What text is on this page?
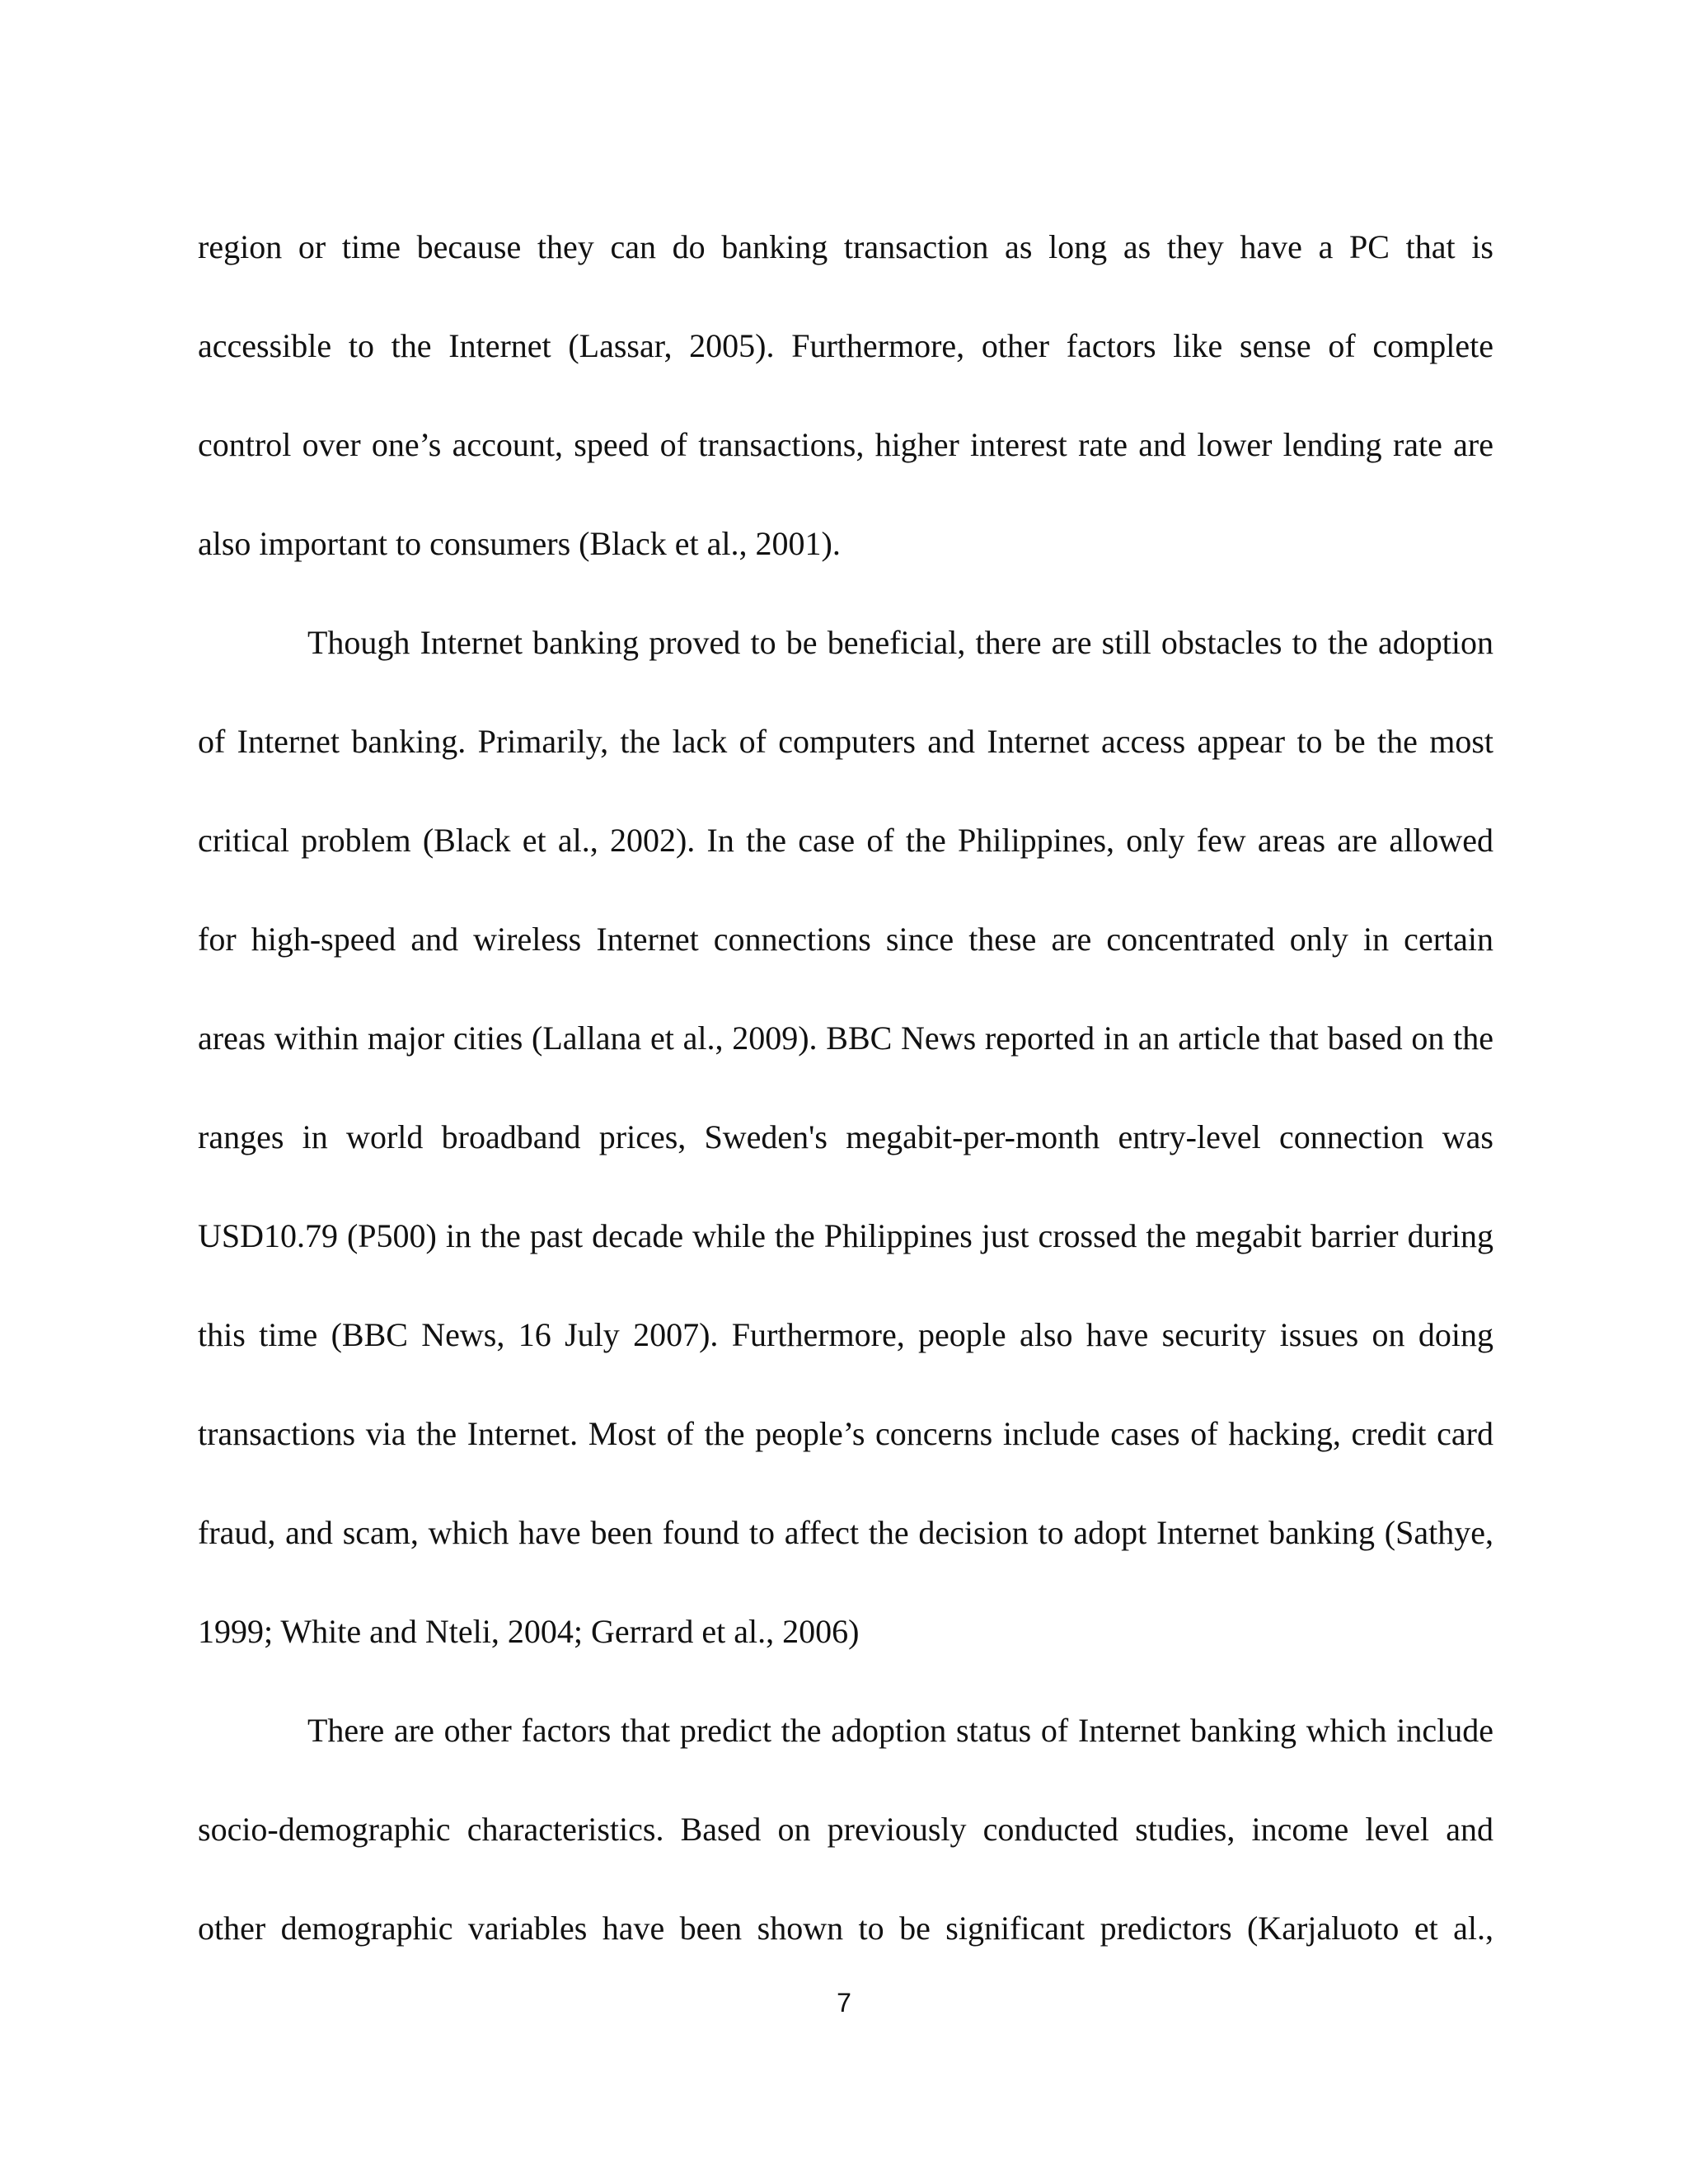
region or time because they can do banking transaction as long as they have a PC that is
accessible to the Internet (Lassar, 2005). Furthermore, other factors like sense of complete
control over one’s account, speed of transactions, higher interest rate and lower lending rate are
also important to consumers (Black et al., 2001).
Though Internet banking proved to be beneficial, there are still obstacles to the adoption
of Internet banking. Primarily, the lack of computers and Internet access appear to be the most
critical problem (Black et al., 2002). In the case of the Philippines, only few areas are allowed
for high-speed and wireless Internet connections since these are concentrated only in certain
areas within major cities (Lallana et al., 2009). BBC News reported in an article that based on the
ranges in world broadband prices, Sweden's megabit-per-month entry-level connection was
USD10.79 (P500) in the past decade while the Philippines just crossed the megabit barrier during
this time (BBC News, 16 July 2007). Furthermore, people also have security issues on doing
transactions via the Internet. Most of the people’s concerns include cases of hacking, credit card
fraud, and scam, which have been found to affect the decision to adopt Internet banking (Sathye,
1999; White and Nteli, 2004; Gerrard et al., 2006)
There are other factors that predict the adoption status of Internet banking which include
socio-demographic characteristics. Based on previously conducted studies, income level and
other demographic variables have been shown to be significant predictors (Karjaluoto et al.,
7
